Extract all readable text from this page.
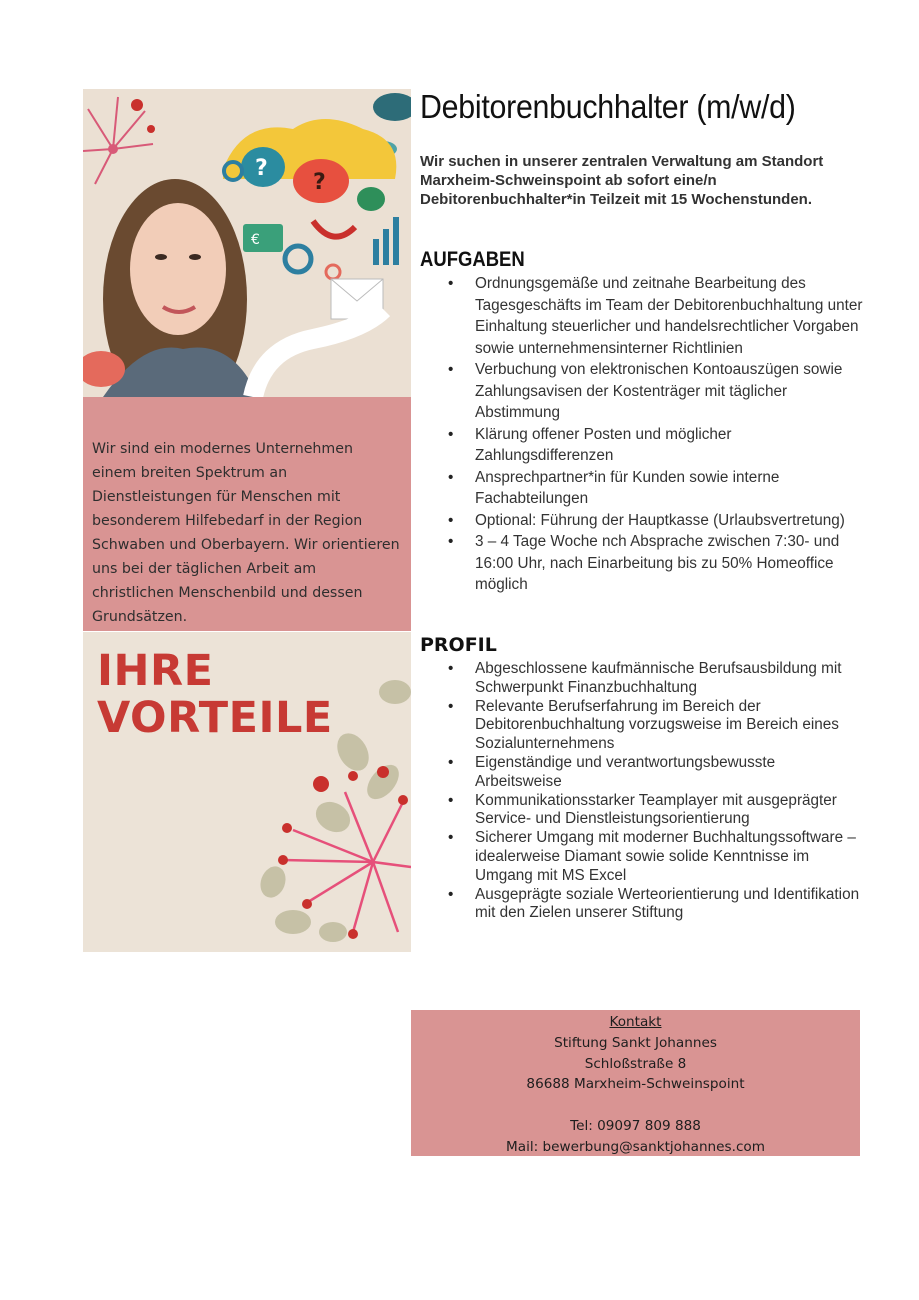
?
?
€

Wir sind ein modernes Unternehmen einem breiten Spektrum an Dienstleistungen für Menschen mit besonderem Hilfebedarf in der Region Schwaben und Oberbayern. Wir orientieren uns bei der täglichen Arbeit am christlichen Menschenbild und dessen Grundsätzen.

IHRE

VORTEILE

Debitorenbuchhalter (m/w/d)

Wir suchen in unserer zentralen Verwaltung am Standort Marxheim-Schweinspoint ab sofort eine/n Debitorenbuchhalter*in Teilzeit mit 15 Wochenstunden.

AUFGABEN
• Ordnungsgemäße und zeitnahe Bearbeitung des Tagesgeschäfts im Team der Debitorenbuchhaltung unter Einhaltung steuerlicher und handelsrechtlicher Vorgaben sowie unternehmensinterner Richtlinien
• Verbuchung von elektronischen Kontoauszügen sowie Zahlungsavisen der Kostenträger mit täglicher Abstimmung
• Klärung offener Posten und möglicher Zahlungsdifferenzen
• Ansprechpartner*in für Kunden sowie interne Fachabteilungen
• Optional: Führung der Hauptkasse (Urlaubsvertretung)
• 3 – 4 Tage Woche nch Absprache zwischen 7:30- und 16:00 Uhr, nach Einarbeitung bis zu 50% Homeoffice möglich
PROFIL
• Abgeschlossene kaufmännische Berufsausbildung mit Schwerpunkt Finanzbuchhaltung
• Relevante Berufserfahrung im Bereich der Debitorenbuchhaltung vorzugsweise im Bereich eines Sozialunternehmens
• Eigenständige und verantwortungsbewusste Arbeitsweise
• Kommunikationsstarker Teamplayer mit ausgeprägter Service- und Dienstleistungsorientierung
• Sicherer Umgang mit moderner Buchhaltungssoftware – idealerweise Diamant sowie solide Kenntnisse im Umgang mit MS Excel
• Ausgeprägte soziale Werteorientierung und Identifikation mit den Zielen unserer Stiftung
Kontakt
Stiftung Sankt Johannes
Schloßstraße 8
86688 Marxheim-Schweinspoint
Tel: 09097 809 888
Mail: bewerbung@sanktjohannes.com
